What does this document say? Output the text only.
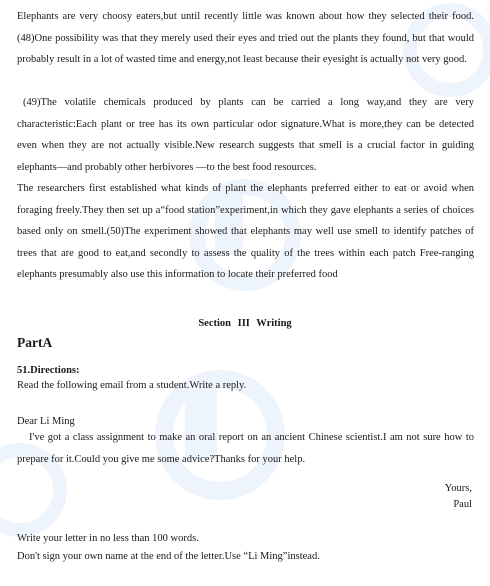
Elephants are very choosy eaters,but until recently little was known about how they selected their food.(48)One possibility was that they merely used their eyes and tried out the plants they found, but that would probably result in a lot of wasted time and energy,not least because their eyesight is actually not very good.
(49)The volatile chemicals produced by plants can be carried a long way,and they are very characteristic:Each plant or tree has its own particular odor signature.What is more,they can be detected even when they are not actually visible.New research suggests that smell is a crucial factor in guiding elephants—and probably other herbivores —to the best food resources.
The researchers first established what kinds of plant the elephants preferred either to eat or avoid when foraging freely.They then set up a“food station”experiment,in which they gave elephants a series of choices based only on smell.(50)The experiment showed that elephants may well use smell to identify patches of trees that are good to eat,and secondly to assess the quality of the trees within each patch Free-ranging elephants presumably also use this information to locate their preferred food
Section III Writing
PartA
51.Directions:
Read the following email from a student.Write a reply.
Dear Li Ming
I've got a class assignment to make an oral report on an ancient Chinese scientist.I am not sure how to prepare for it.Could you give me some advice?Thanks for your help.
Yours,
Paul
Write your letter in no less than 100 words.
Don't sign your own name at the end of the letter.Use “Li Ming”instead.
